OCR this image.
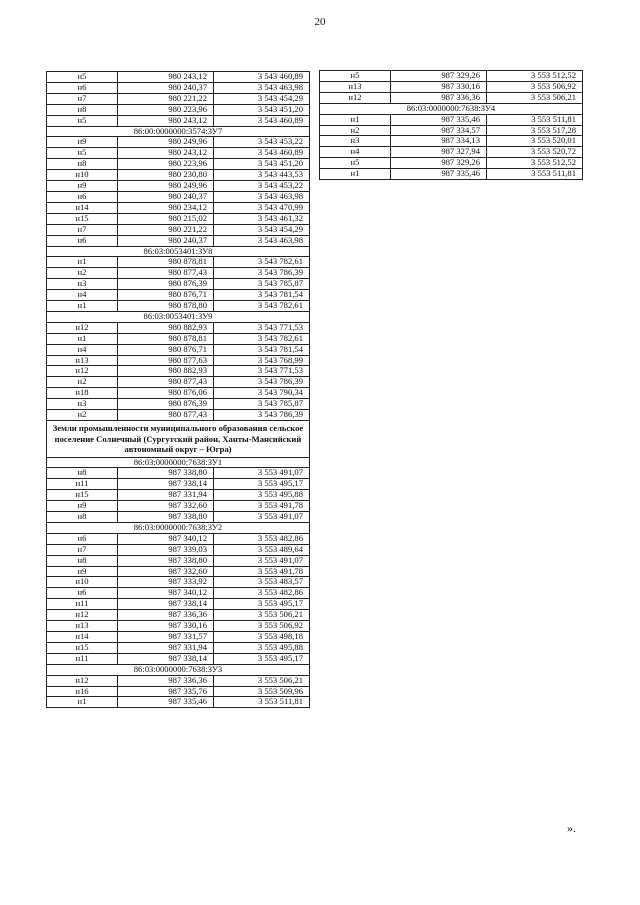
20
н5	980 243,12	3 543 460,89
н6	980 240,37	3 543 463,98
н7	980 221,22	3 543 454,29
н8	980 223,96	3 543 451,20
н5	980 243,12	3 543 460,89
86:00:0000000:3574:ЗУ7		
н9	980 249,96	3 543 453,22
н5	980 243,12	3 543 460,89
н8	980 223,96	3 543 451,20
н10	980 230,80	3 543 443,53
н9	980 249,96	3 543 453,22
н6	980 240,37	3 543 463,98
н14	980 234,12	3 543 470,99
н15	980 215,02	3 543 461,32
н7	980 221,22	3 543 454,29
н6	980 240,37	3 543 463,98
86:03:0053401:ЗУ8		
н1	980 878,81	3 543 782,61
н2	980 877,43	3 543 786,39
н3	980 876,39	3 543 785,87
н4	980 876,71	3 543 781,54
н1	980 878,80	3 543 782,61
86:03:0053401:ЗУ9		
н12	980 882,93	3 543 771,53
н1	980 878,81	3 543 782,61
н4	980 876,71	3 543 781,54
н13	980 877,63	3 543 768,99
н12	980 882,93	3 543 771,53
н2	980 877,43	3 543 786,39
н18	980 876,06	3 543 790,34
н3	980 876,39	3 543 785,87
н2	980 877,43	3 543 786,39
Земли промышленности муниципального образования сельское поселение Солнечный (Сургутский район, Ханты-Мансийский автономный округ – Югра)		
86:03:0000000:7638:ЗУ1		
н8	987 338,80	3 553 491,07
н11	987 338,14	3 553 495,17
н15	987 331,94	3 553 495,88
н9	987 332,60	3 553 491,78
н8	987 338,80	3 553 491,07
86:03:0000000:7638:ЗУ2		
н6	987 340,12	3 553 482,86
н7	987 339,03	3 553 489,64
н8	987 338,80	3 553 491,07
н9	987 332,60	3 553 491,78
н10	987 333,92	3 553 483,57
н6	987 340,12	3 553 482,86
н11	987 338,14	3 553 495,17
н12	987 336,36	3 553 506,21
н13	987 330,16	3 553 506,92
н14	987 331,57	3 553 498,18
н15	987 331,94	3 553 495,88
н11	987 338,14	3 553 495,17
86:03:0000000:7638:ЗУ3		
н12	987 336,36	3 553 506,21
н16	987 335,76	3 553 509,96
н1	987 335,46	3 553 511,81
н5	987 329,26	3 553 512,52
н13	987 330,16	3 553 506,92
н12	987 336,36	3 553 506,21
86:03:0000000:7638:ЗУ4		
н1	987 335,46	3 553 511,81
н2	987 334,57	3 553 517,28
н3	987 334,13	3 553 520,01
н4	987 327,94	3 553 520,72
н5	987 329,26	3 553 512,52
н1	987 335,46	3 553 511,81
».
